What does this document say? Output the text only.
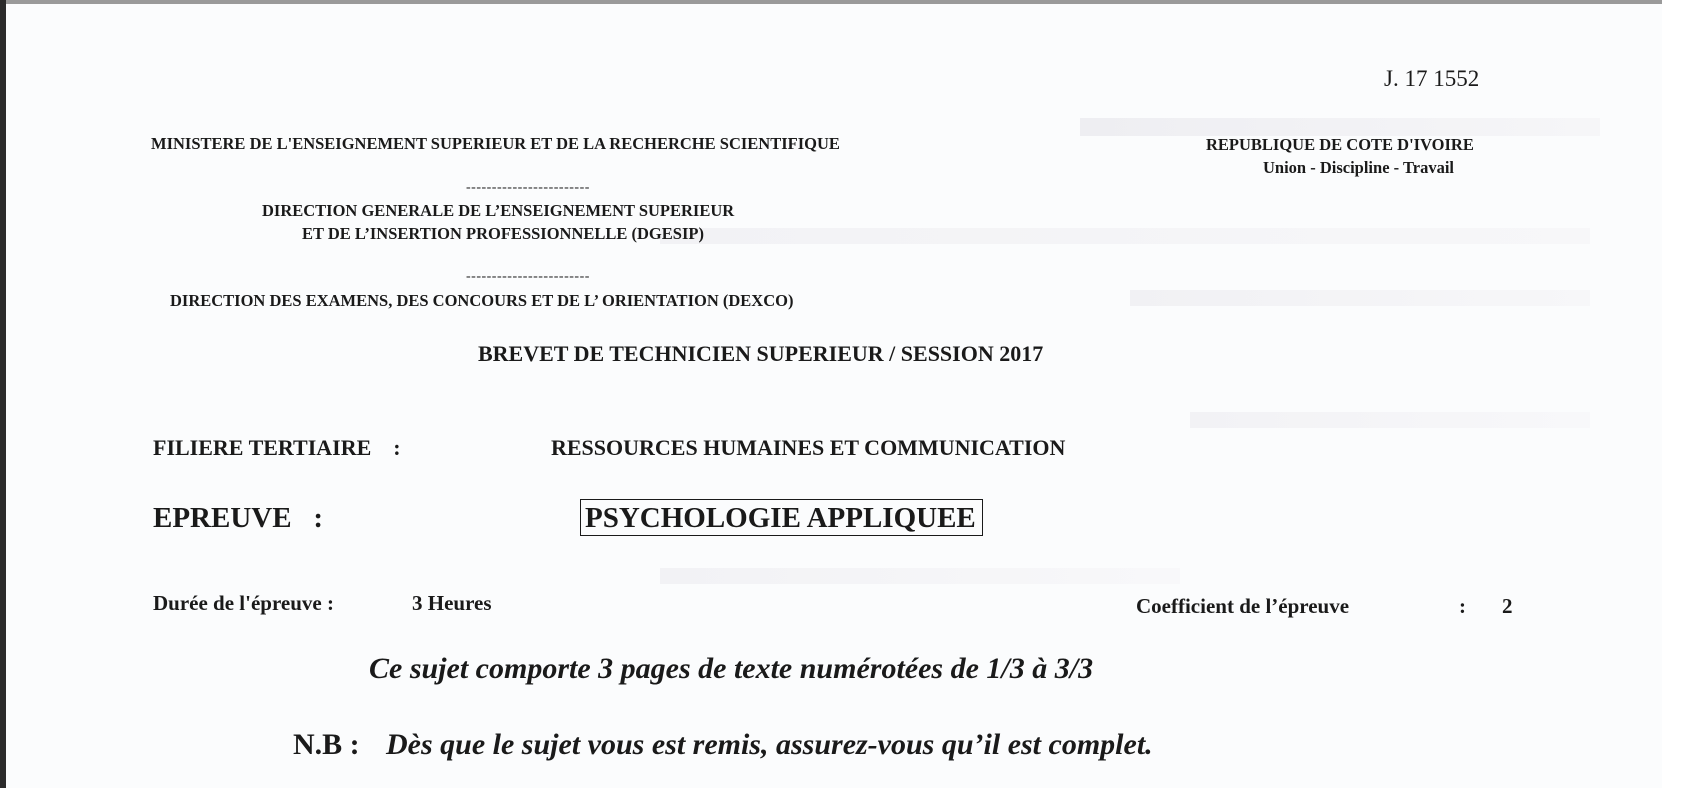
J. 17 1552
MINISTERE DE L'ENSEIGNEMENT SUPERIEUR ET DE LA RECHERCHE SCIENTIFIQUE	REPUBLIQUE DE COTE D'IVOIRE
Union - Discipline - Travail
------------------------
DIRECTION GENERALE DE L’ENSEIGNEMENT SUPERIEUR
ET DE L’INSERTION PROFESSIONNELLE (DGESIP)
------------------------
DIRECTION DES EXAMENS, DES CONCOURS ET DE L’ ORIENTATION (DEXCO)
BREVET DE TECHNICIEN SUPERIEUR / SESSION 2017
FILIERE TERTIAIRE    :	RESSOURCES HUMAINES ET COMMUNICATION
EPREUVE   :	PSYCHOLOGIE APPLIQUEE
Durée de l'épreuve :	3 Heures	Coefficient de l’épreuve	: 2
Ce sujet comporte 3 pages de texte numérotées de 1/3 à 3/3
N.B : Dès que le sujet vous est remis, assurez-vous qu’il est complet.
